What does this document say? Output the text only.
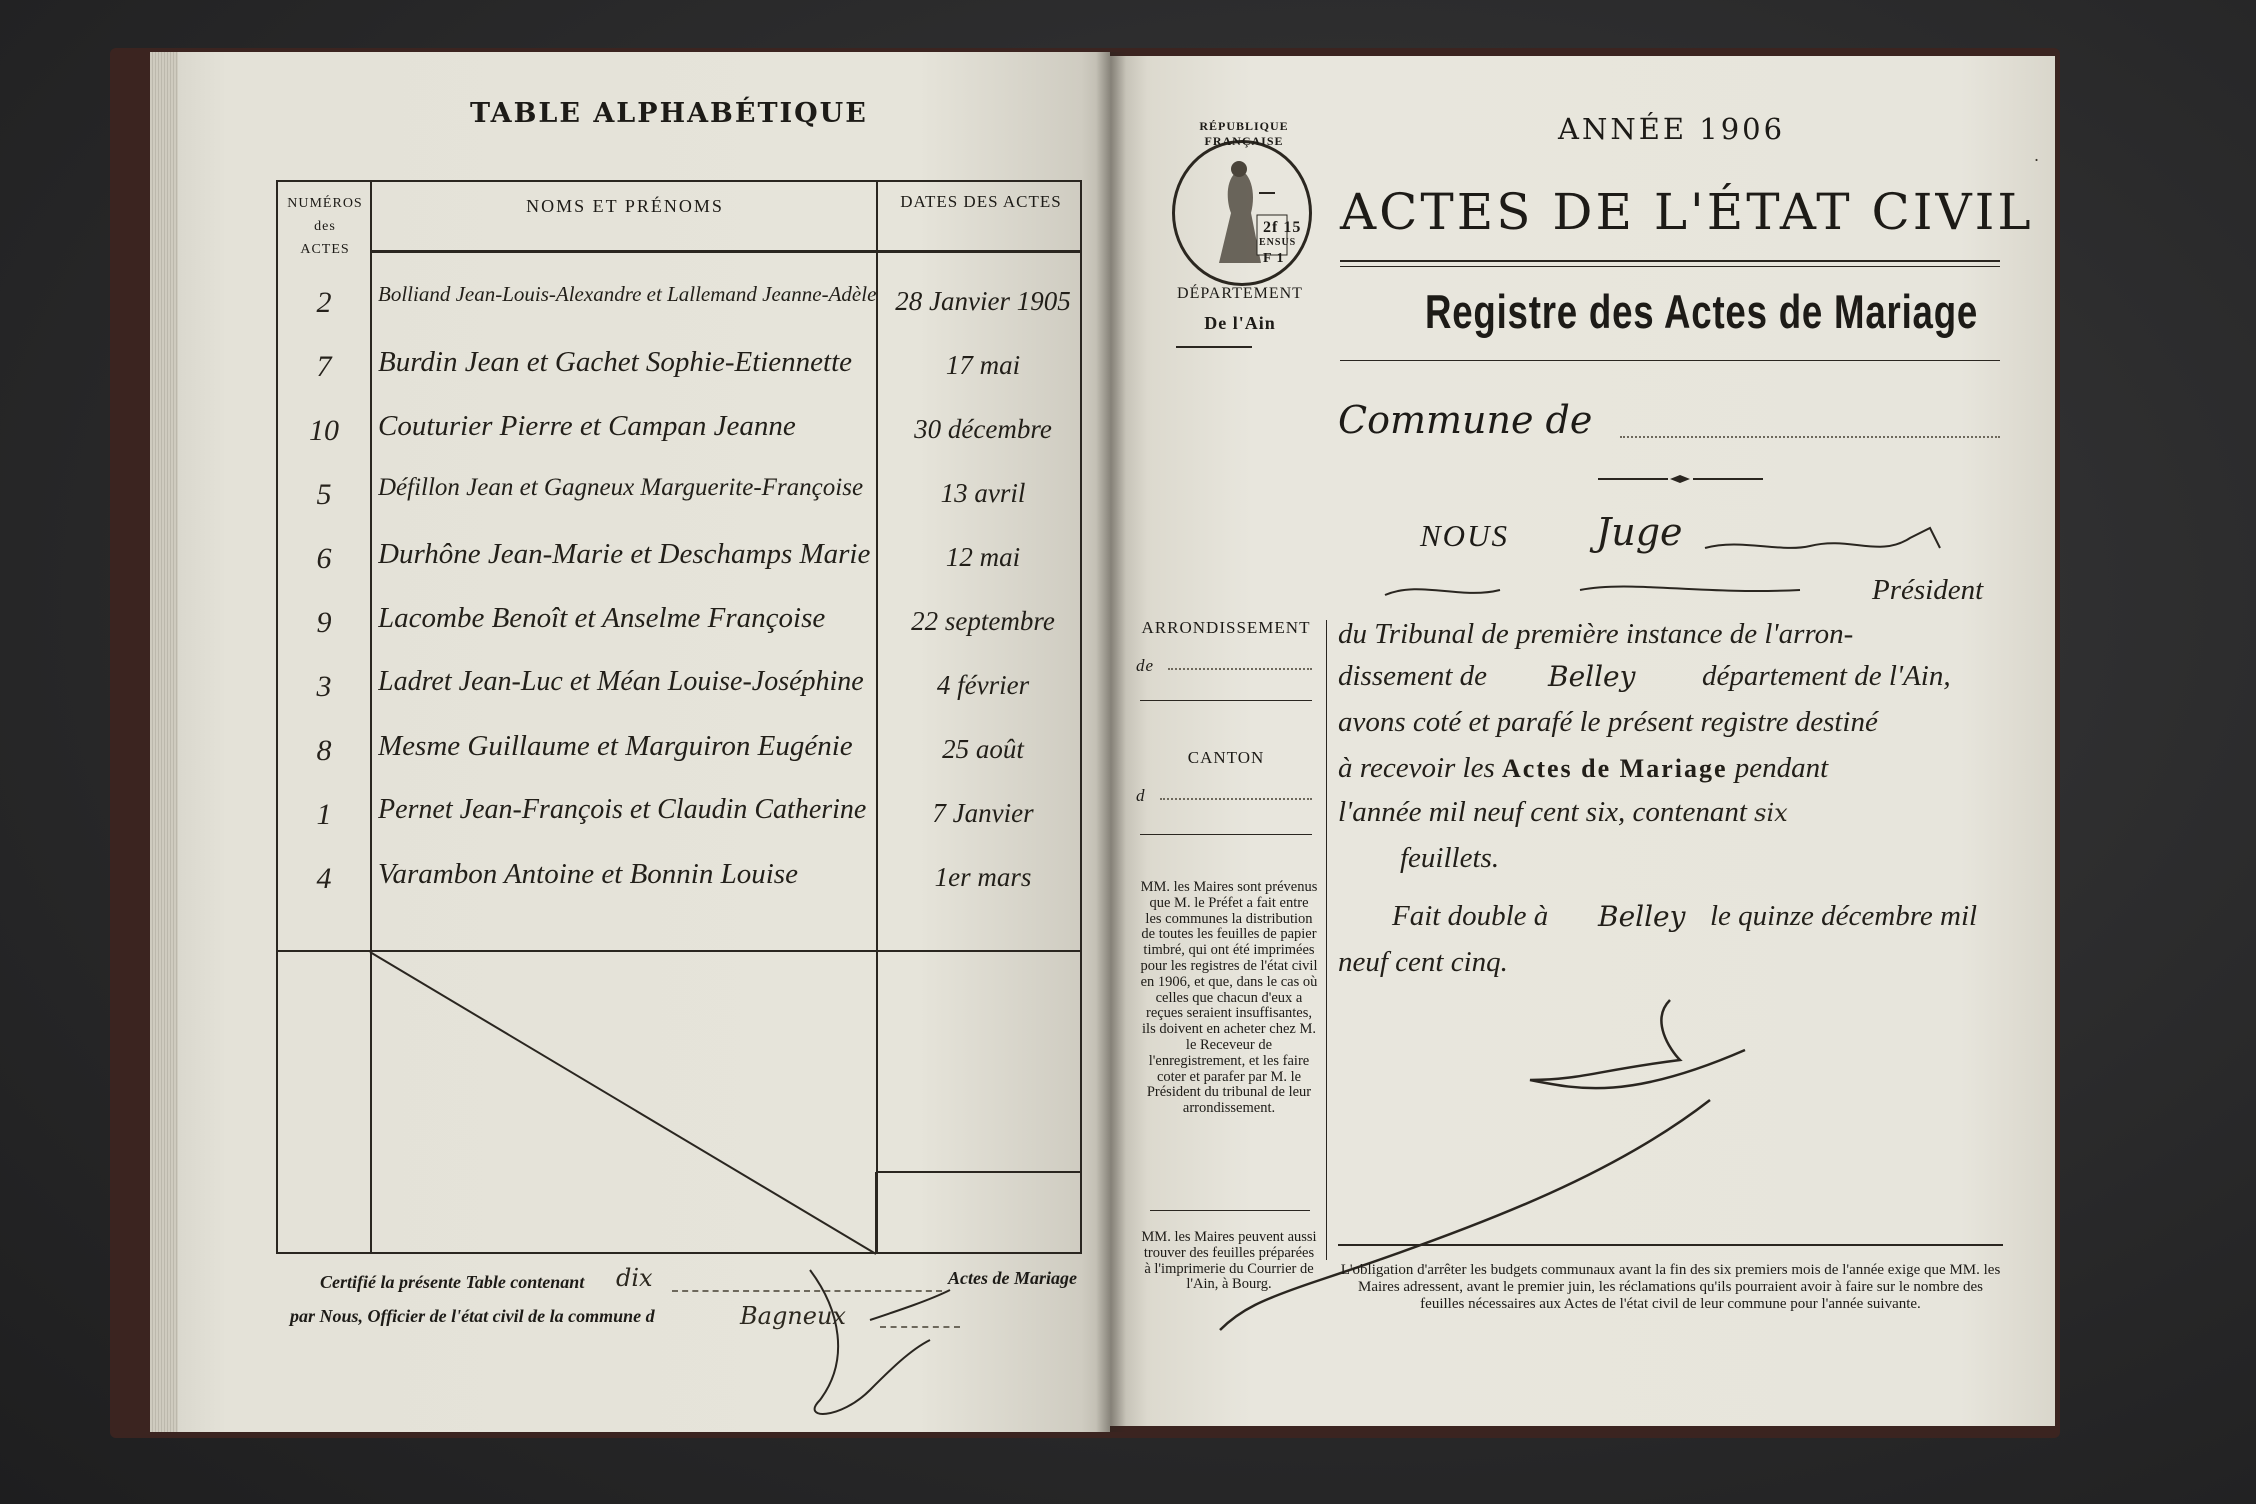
TABLE ALPHABÉTIQUE
NUMÉROS
des
ACTES
NOMS ET PRÉNOMS	DATES DES ACTES
2	Bolliand Jean-Louis-Alexandre et Lallemand Jeanne-Adèle 28 Janvier 1905
7	Burdin Jean et Gachet Sophie-Etiennette	17 mai
10	Couturier Pierre et Campan Jeanne	30 décembre
5	Défillon Jean et Gagneux Marguerite-Françoise	13 avril
6	Durhône Jean-Marie et Deschamps Marie	12 mai
9	Lacombe Benoît et Anselme Françoise	22 septembre
3	Ladret Jean-Luc et Méan Louise-Joséphine	4 février
8	Mesme Guillaume et Marguiron Eugénie	25 août
1	Pernet Jean-François et Claudin Catherine	7 Janvier
4	Varambon Antoine et Bonnin Louise	1er mars
Certifié la présente Table contenant dix	Actes de Mariage
par Nous, Officier de l'état civil de la commune d	Bagneux
2f 15
ENSUS
F 1
RÉPUBLIQUE FRANÇAISE
DÉPARTEMENT
De l'Ain
ANNÉE 1906
ACTES DE L'ÉTAT CIVIL
Registre des Actes de Mariage
Commune de
NOUS Juge
Président
du Tribunal de première instance de l'arron-
dissement de Belley département de l'Ain,
avons coté et parafé le présent registre destiné
à recevoir les Actes de Mariage pendant
l'année mil neuf cent six, contenant six
feuillets.
Fait double à Belley le quinze décembre mil
neuf cent cinq.
ARRONDISSEMENT
de
CANTON
d
MM. les Maires sont prévenus que M. le Préfet a fait entre les communes la distribution de toutes les feuilles de papier timbré, qui ont été imprimées pour les registres de l'état civil en 1906, et que, dans le cas où celles que chacun d'eux a reçues seraient insuffisantes, ils doivent en acheter chez M. le Receveur de l'enregistrement, et les faire coter et parafer par M. le Président du tribunal de leur arrondissement.
MM. les Maires peuvent aussi trouver des feuilles préparées à l'imprimerie du Courrier de l'Ain, à Bourg.
L'obligation d'arrêter les budgets communaux avant la fin des six premiers mois de l'année exige que MM. les Maires adressent, avant le premier juin, les réclamations qu'ils pourraient avoir à faire sur le nombre des feuilles nécessaires aux Actes de l'état civil de leur commune pour l'année suivante.
·
